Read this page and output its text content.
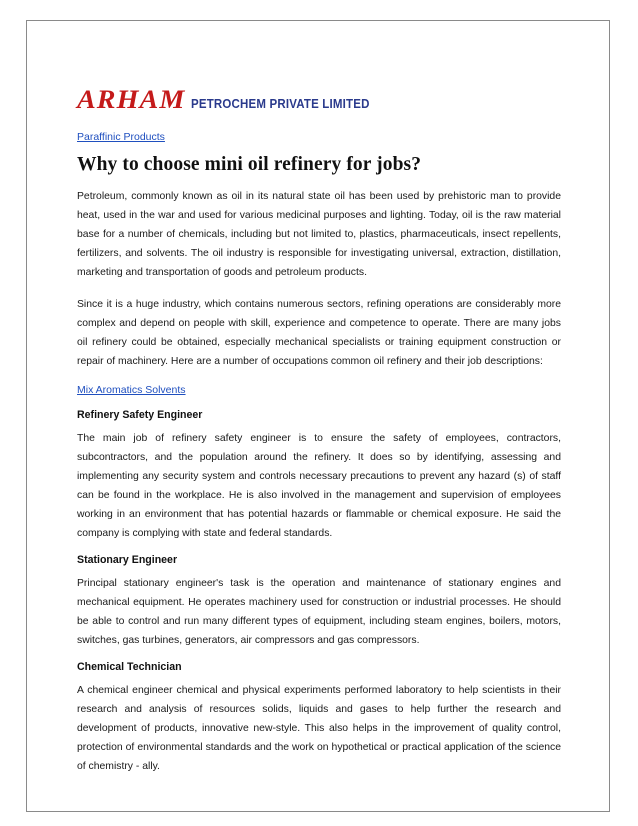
ARHAM PETROCHEM PRIVATE LIMITED
Paraffinic Products
Why to choose mini oil refinery for jobs?

Petroleum, commonly known as oil in its natural state oil has been used by prehistoric man to provide heat, used in the war and used for various medicinal purposes and lighting. Today, oil is the raw material base for a number of chemicals, including but not limited to, plastics, pharmaceuticals, insect repellents, fertilizers, and solvents. The oil industry is responsible for investigating universal, extraction, distillation, marketing and transportation of goods and petroleum products.

Since it is a huge industry, which contains numerous sectors, refining operations are considerably more complex and depend on people with skill, experience and competence to operate. There are many jobs oil refinery could be obtained, especially mechanical specialists or training equipment construction or repair of machinery. Here are a number of occupations common oil refinery and their job descriptions:

Mix Aromatics Solvents
Refinery Safety Engineer

The main job of refinery safety engineer is to ensure the safety of employees, contractors, subcontractors, and the population around the refinery. It does so by identifying, assessing and implementing any security system and controls necessary precautions to prevent any hazard (s) of staff can be found in the workplace. He is also involved in the management and supervision of employees working in an environment that has potential hazards or flammable or chemical exposure. He said the company is complying with state and federal standards.

Stationary Engineer

Principal stationary engineer's task is the operation and maintenance of stationary engines and mechanical equipment. He operates machinery used for construction or industrial processes. He should be able to control and run many different types of equipment, including steam engines, boilers, motors, switches, gas turbines, generators, air compressors and gas compressors.

Chemical Technician

A chemical engineer chemical and physical experiments performed laboratory to help scientists in their research and analysis of resources solids, liquids and gases to help further the research and development of products, innovative new-style. This also helps in the improvement of quality control, protection of environmental standards and the work on hypothetical or practical application of the science of chemistry - ally.
